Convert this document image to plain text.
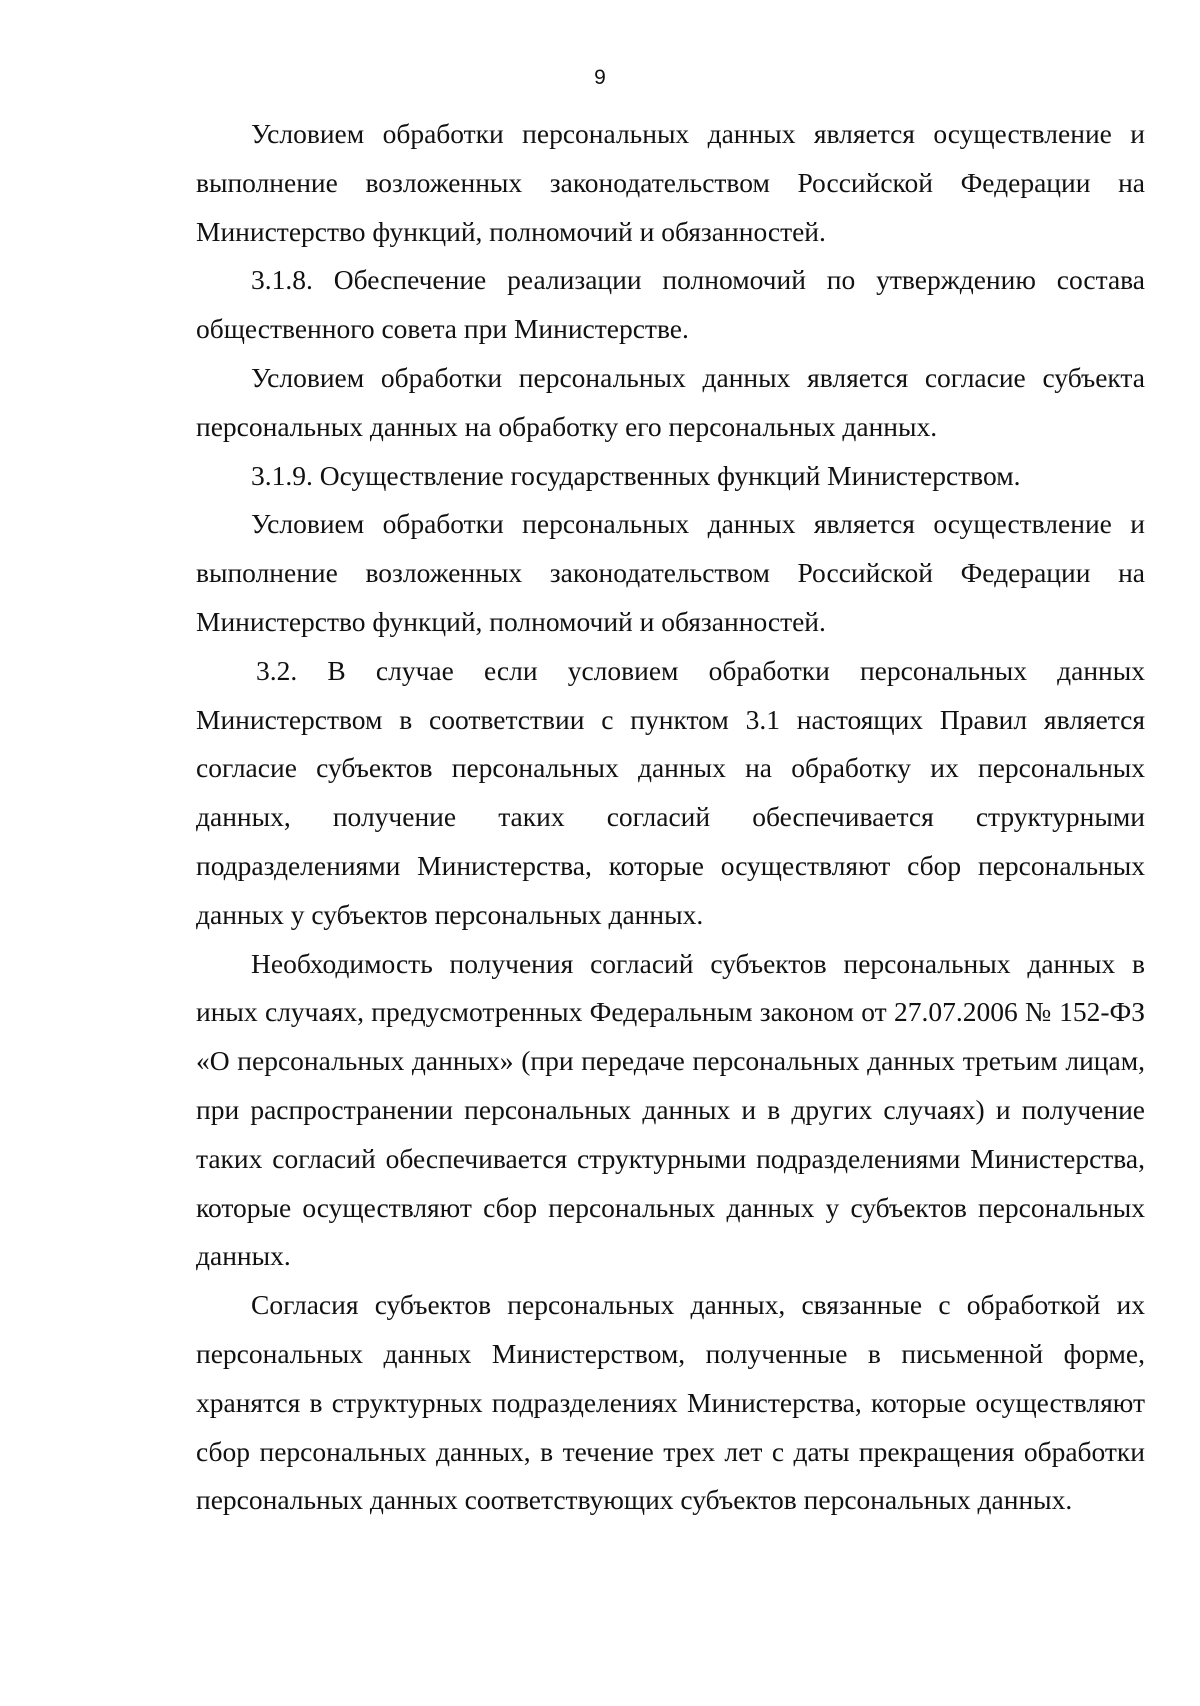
9

Условием обработки персональных данных является осуществление и выполнение возложенных законодательством Российской Федерации на Министерство функций, полномочий и обязанностей.

3.1.8. Обеспечение реализации полномочий по утверждению состава общественного совета при Министерстве.

Условием обработки персональных данных является согласие субъекта персональных данных на обработку его персональных данных.

3.1.9. Осуществление государственных функций Министерством.

Условием обработки персональных данных является осуществление и выполнение возложенных законодательством Российской Федерации на Министерство функций, полномочий и обязанностей.

3.2. В случае если условием обработки персональных данных Министерством в соответствии с пунктом 3.1 настоящих Правил является согласие субъектов персональных данных на обработку их персональных данных, получение таких согласий обеспечивается структурными подразделениями Министерства, которые осуществляют сбор персональных данных у субъектов персональных данных.

Необходимость получения согласий субъектов персональных данных в иных случаях, предусмотренных Федеральным законом от 27.07.2006 № 152-ФЗ «О персональных данных» (при передаче персональных данных третьим лицам, при распространении персональных данных и в других случаях) и получение таких согласий обеспечивается структурными подразделениями Министерства, которые осуществляют сбор персональных данных у субъектов персональных данных.

Согласия субъектов персональных данных, связанные с обработкой их персональных данных Министерством, полученные в письменной форме, хранятся в структурных подразделениях Министерства, которые осуществляют сбор персональных данных, в течение трех лет с даты прекращения обработки персональных данных соответствующих субъектов персональных данных.
